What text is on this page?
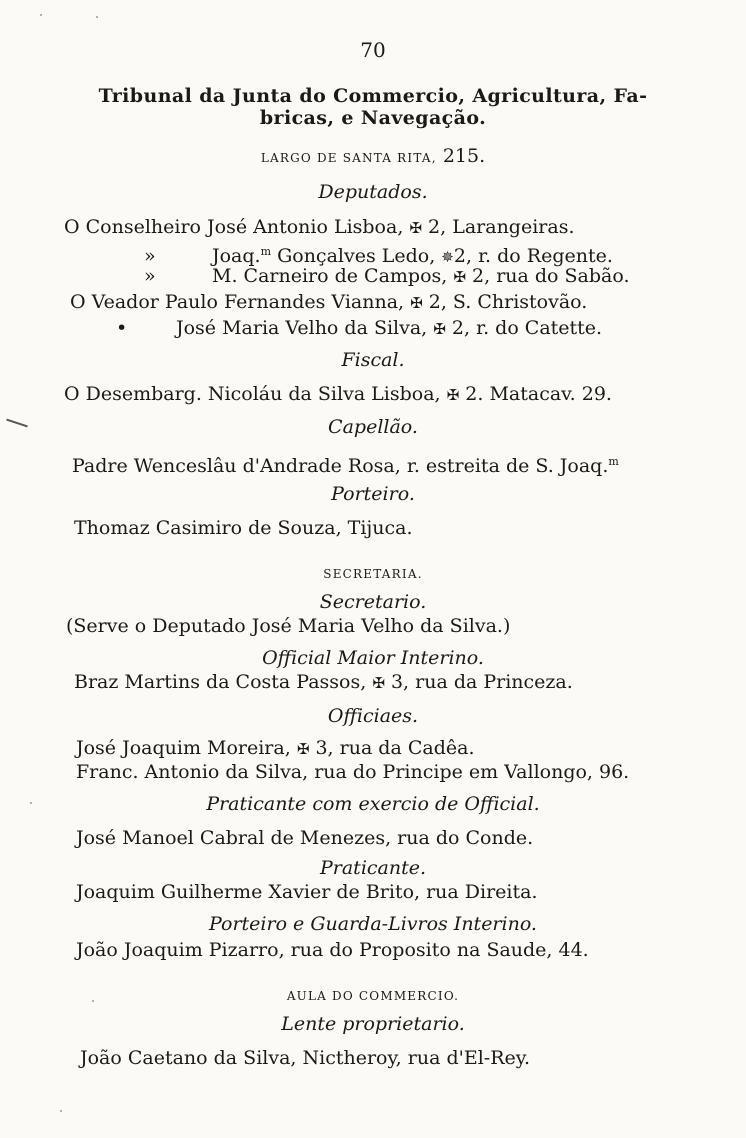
70
Tribunal da Junta do Commercio, Agricultura, Fa-
bricas, e Navegação.
LARGO DE SANTA RITA, 215.
Deputados.
O Conselheiro José Antonio Lisboa, ✠ 2, Larangeiras.
»	Joaq.$^m$ Gonçalves Ledo, ✵2, r. do Regente.
»	M. Carneiro de Campos, ✠ 2, rua do Sabão.
O Veador Paulo Fernandes Vianna, ✠ 2, S. Christovão.
•	José Maria Velho da Silva, ✠ 2, r. do Catette.
Fiscal.
O Desembarg. Nicoláu da Silva Lisboa, ✠ 2. Matacav. 29.
Capellão.
Padre Wenceslâu d'Andrade Rosa, r. estreita de S. Joaq.$^m$
Porteiro.
Thomaz Casimiro de Souza, Tijuca.
SECRETARIA.
Secretario.
(Serve o Deputado José Maria Velho da Silva.)
Official Maior Interino.
Braz Martins da Costa Passos, ✠ 3, rua da Princeza.
Officiaes.
José Joaquim Moreira, ✠ 3, rua da Cadêa.
Franc. Antonio da Silva, rua do Principe em Vallongo, 96.
Praticante com exercio de Official.
José Manoel Cabral de Menezes, rua do Conde.
Praticante.
Joaquim Guilherme Xavier de Brito, rua Direita.
Porteiro e Guarda-Livros Interino.
João Joaquim Pizarro, rua do Proposito na Saude, 44.
AULA DO COMMERCIO.
Lente proprietario.
João Caetano da Silva, Nictheroy, rua d'El-Rey.
